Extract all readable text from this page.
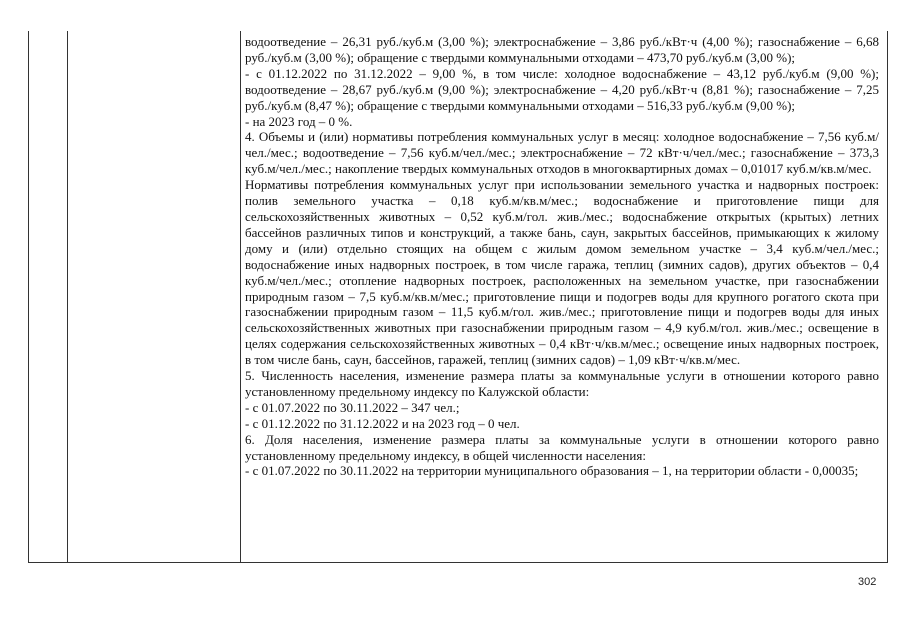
водоотведение – 26,31 руб./куб.м (3,00 %); электроснабжение – 3,86 руб./кВт·ч (4,00 %); газоснабжение – 6,68 руб./куб.м (3,00 %); обращение с твердыми коммунальными отходами – 473,70 руб./куб.м (3,00 %);

- с 01.12.2022 по 31.12.2022 – 9,00 %, в том числе: холодное водоснабжение – 43,12 руб./куб.м (9,00 %); водоотведение – 28,67 руб./куб.м (9,00 %); электроснабжение – 4,20 руб./кВт·ч (8,81 %); газоснабжение – 7,25 руб./куб.м (8,47 %); обращение с твердыми коммунальными отходами – 516,33 руб./куб.м (9,00 %);

- на 2023 год – 0 %.

4. Объемы и (или) нормативы потребления коммунальных услуг в месяц: холодное водоснабжение – 7,56 куб.м/чел./мес.; водоотведение – 7,56 куб.м/чел./мес.; электроснабжение – 72 кВт·ч/чел./мес.; газоснабжение – 373,3 куб.м/чел./мес.; накопление твердых коммунальных отходов в многоквартирных домах – 0,01017 куб.м/кв.м/мес.

Нормативы потребления коммунальных услуг при использовании земельного участка и надворных построек: полив земельного участка – 0,18 куб.м/кв.м/мес.; водоснабжение и приготовление пищи для сельскохозяйственных животных – 0,52 куб.м/гол. жив./мес.; водоснабжение открытых (крытых) летних бассейнов различных типов и конструкций, а также бань, саун, закрытых бассейнов, примыкающих к жилому дому и (или) отдельно стоящих на общем с жилым домом земельном участке – 3,4 куб.м/чел./мес.; водоснабжение иных надворных построек, в том числе гаража, теплиц (зимних садов), других объектов – 0,4 куб.м/чел./мес.; отопление надворных построек, расположенных на земельном участке, при газоснабжении природным газом – 7,5 куб.м/кв.м/мес.; приготовление пищи и подогрев воды для крупного рогатого скота при газоснабжении природным газом – 11,5 куб.м/гол. жив./мес.; приготовление пищи и подогрев воды для иных сельскохозяйственных животных при газоснабжении природным газом – 4,9 куб.м/гол. жив./мес.; освещение в целях содержания сельскохозяйственных животных – 0,4 кВт·ч/кв.м/мес.; освещение иных надворных построек, в том числе бань, саун, бассейнов, гаражей, теплиц (зимних садов) – 1,09 кВт·ч/кв.м/мес.

5. Численность населения, изменение размера платы за коммунальные услуги в отношении которого равно установленному предельному индексу по Калужской области:

- с 01.07.2022 по 30.11.2022 – 347 чел.;

- с 01.12.2022 по 31.12.2022 и на 2023 год – 0 чел.

6. Доля населения, изменение размера платы за коммунальные услуги в отношении которого равно установленному предельному индексу, в общей численности населения:

- с 01.07.2022 по 30.11.2022 на территории муниципального образования – 1, на территории области - 0,00035;

302
